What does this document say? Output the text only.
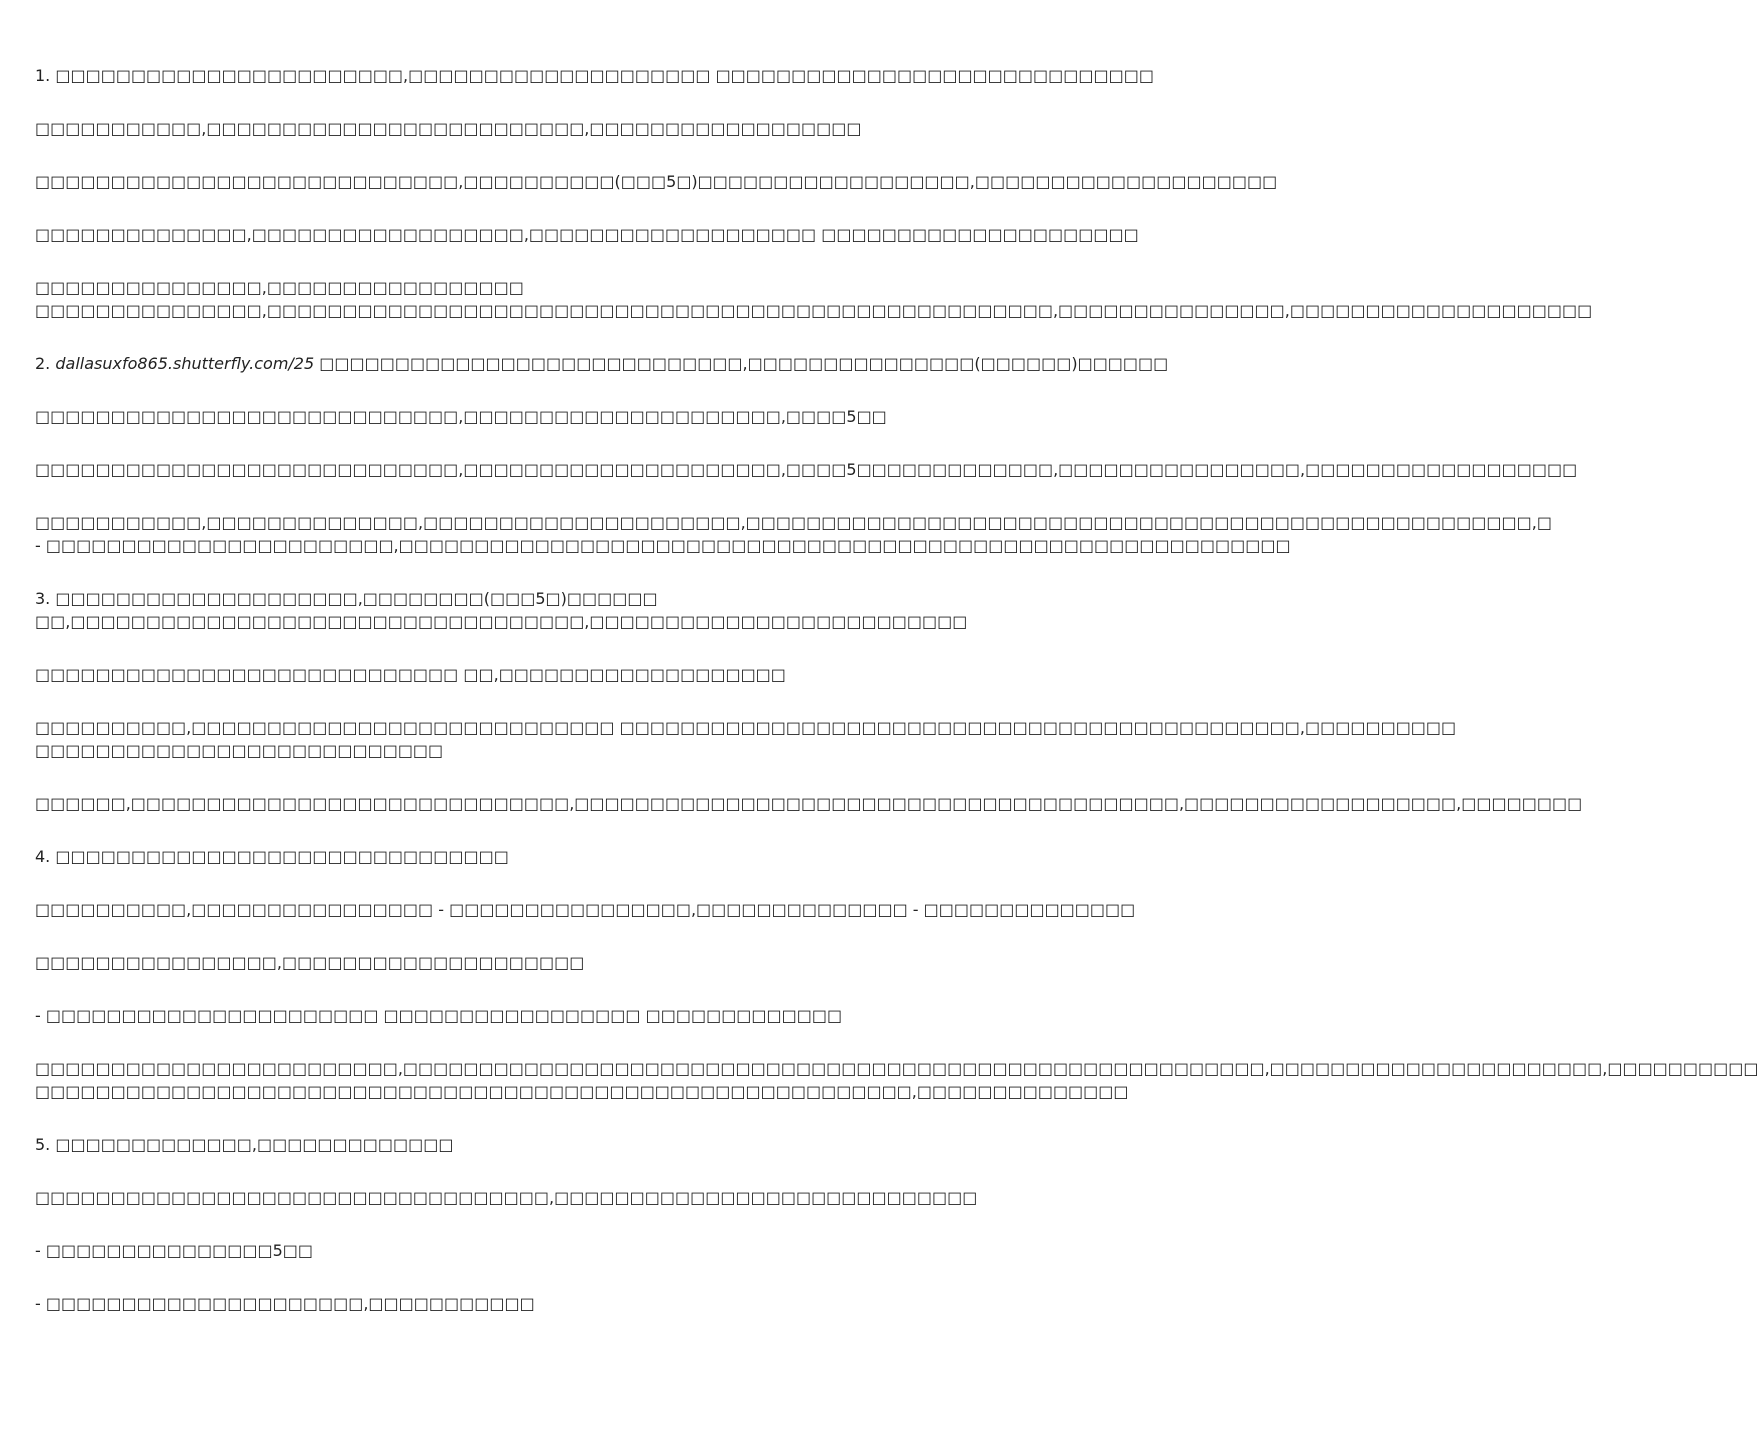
1. □□□□□□□□□□□□□□□□□□□□□□□,□□□□□□□□□□□□□□□□□□□□ □□□□□□□□□□□□□□□□□□□□□□□□□□□□□

□□□□□□□□□□□,□□□□□□□□□□□□□□□□□□□□□□□□□,□□□□□□□□□□□□□□□□□□

□□□□□□□□□□□□□□□□□□□□□□□□□□□□,□□□□□□□□□□(□□□5□)□□□□□□□□□□□□□□□□□□,□□□□□□□□□□□□□□□□□□□□

□□□□□□□□□□□□□□,□□□□□□□□□□□□□□□□□□,□□□□□□□□□□□□□□□□□□□ □□□□□□□□□□□□□□□□□□□□□

□□□□□□□□□□□□□□□,□□□□□□□□□□□□□□□□□
□□□□□□□□□□□□□□□,□□□□□□□□□□□□□□□□□□□□□□□□□□□□□□□□□□□□□□□□□□□□□□□□□□□□,□□□□□□□□□□□□□□□,□□□□□□□□□□□□□□□□□□□□

2. dallasuxfo865.shutterfly.com/25 □□□□□□□□□□□□□□□□□□□□□□□□□□□□,□□□□□□□□□□□□□□□(□□□□□□)□□□□□□

□□□□□□□□□□□□□□□□□□□□□□□□□□□□,□□□□□□□□□□□□□□□□□□□□□,□□□□5□□

□□□□□□□□□□□□□□□□□□□□□□□□□□□□,□□□□□□□□□□□□□□□□□□□□□,□□□□5□□□□□□□□□□□□□,□□□□□□□□□□□□□□□□,□□□□□□□□□□□□□□□□□□

□□□□□□□□□□□,□□□□□□□□□□□□□□,□□□□□□□□□□□□□□□□□□□□□,□□□□□□□□□□□□□□□□□□□□□□□□□□□□□□□□□□□□□□□□□□□□□□□□□□□□,□
- □□□□□□□□□□□□□□□□□□□□□□□,□□□□□□□□□□□□□□□□□□□□□□□□□□□□□□□□□□□□□□□□□□□□□□□□□□□□□□□□□□□

3. □□□□□□□□□□□□□□□□□□□□,□□□□□□□□(□□□5□)□□□□□□
□□,□□□□□□□□□□□□□□□□□□□□□□□□□□□□□□□□□□,□□□□□□□□□□□□□□□□□□□□□□□□□

□□□□□□□□□□□□□□□□□□□□□□□□□□□□ □□,□□□□□□□□□□□□□□□□□□□

□□□□□□□□□□,□□□□□□□□□□□□□□□□□□□□□□□□□□□□ □□□□□□□□□□□□□□□□□□□□□□□□□□□□□□□□□□□□□□□□□□□□□,□□□□□□□□□□
□□□□□□□□□□□□□□□□□□□□□□□□□□□

□□□□□□,□□□□□□□□□□□□□□□□□□□□□□□□□□□□□,□□□□□□□□□□□□□□□□□□□□□□□□□□□□□□□□□□□□□□□□,□□□□□□□□□□□□□□□□□□,□□□□□□□□

4. □□□□□□□□□□□□□□□□□□□□□□□□□□□□□□

□□□□□□□□□□,□□□□□□□□□□□□□□□□ - □□□□□□□□□□□□□□□□,□□□□□□□□□□□□□□ - □□□□□□□□□□□□□□

□□□□□□□□□□□□□□□□,□□□□□□□□□□□□□□□□□□□□

- □□□□□□□□□□□□□□□□□□□□□□ □□□□□□□□□□□□□□□□□ □□□□□□□□□□□□□

□□□□□□□□□□□□□□□□□□□□□□□□,□□□□□□□□□□□□□□□□□□□□□□□□□□□□□□□□□□□□□□□□□□□□□□□□□□□□□□□□□,□□□□□□□□□□□□□□□□□□□□□□,□□□□□□□□□□
□□□□□□□□□□□□□□□□□□□□□□□□□□□□□□□□□□□□□□□□□□□□□□□□□□□□□□□□□□,□□□□□□□□□□□□□□

5. □□□□□□□□□□□□□,□□□□□□□□□□□□□

□□□□□□□□□□□□□□□□□□□□□□□□□□□□□□□□□□,□□□□□□□□□□□□□□□□□□□□□□□□□□□□

- □□□□□□□□□□□□□□□5□□

- □□□□□□□□□□□□□□□□□□□□□,□□□□□□□□□□□
